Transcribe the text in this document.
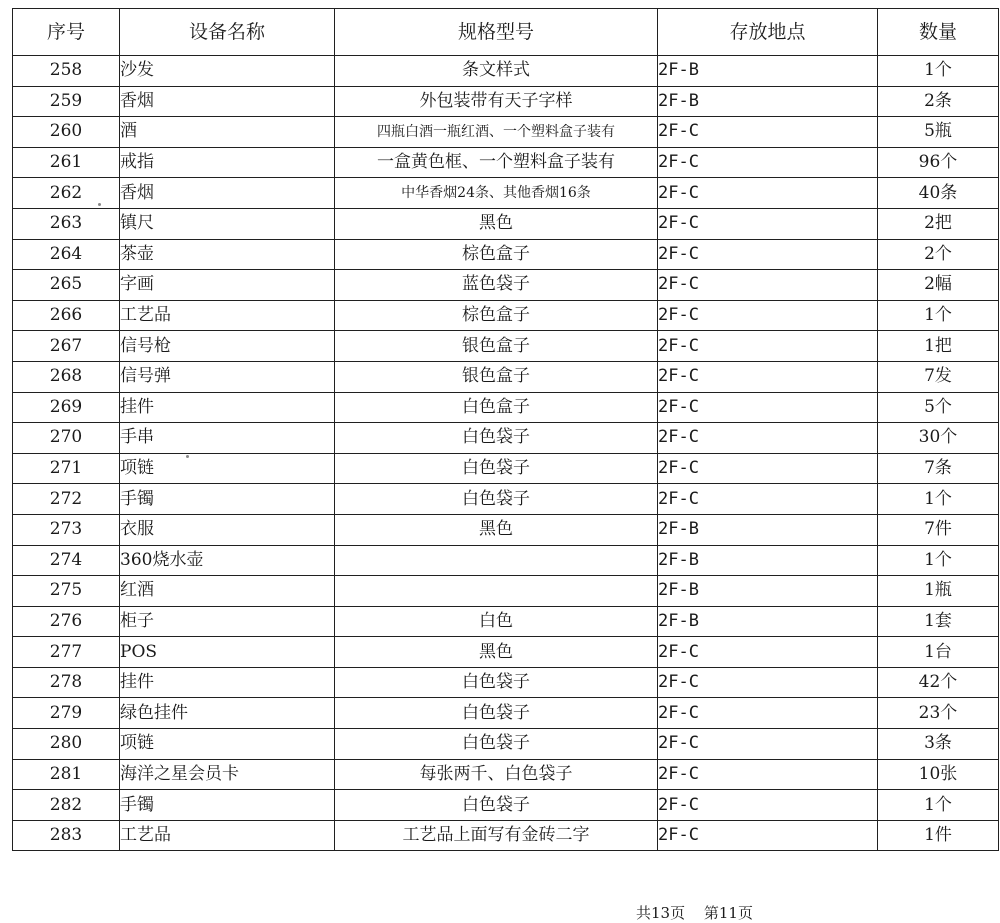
序号	设备名称	规格型号	存放地点	数量
258	沙发	条文样式	2F-B	1个
259	香烟	外包装带有天子字样	2F-B	2条
260	酒	四瓶白酒一瓶红酒、一个塑料盒子装有	2F-C	5瓶
261	戒指	一盒黄色框、一个塑料盒子装有	2F-C	96个
262	香烟	中华香烟24条、其他香烟16条	2F-C	40条
263	镇尺	黑色	2F-C	2把
264	茶壶	棕色盒子	2F-C	2个
265	字画	蓝色袋子	2F-C	2幅
266	工艺品	棕色盒子	2F-C	1个
267	信号枪	银色盒子	2F-C	1把
268	信号弹	银色盒子	2F-C	7发
269	挂件	白色盒子	2F-C	5个
270	手串	白色袋子	2F-C	30个
271	项链	白色袋子	2F-C	7条
272	手镯	白色袋子	2F-C	1个
273	衣服	黑色	2F-B	7件
274	360烧水壶		2F-B	1个
275	红酒		2F-B	1瓶
276	柜子	白色	2F-B	1套
277	POS	黑色	2F-C	1台
278	挂件	白色袋子	2F-C	42个
279	绿色挂件	白色袋子	2F-C	23个
280	项链	白色袋子	2F-C	3条
281	海洋之星会员卡	每张两千、白色袋子	2F-C	10张
282	手镯	白色袋子	2F-C	1个
283	工艺品	工艺品上面写有金砖二字	2F-C	1件
共13页 第11页
